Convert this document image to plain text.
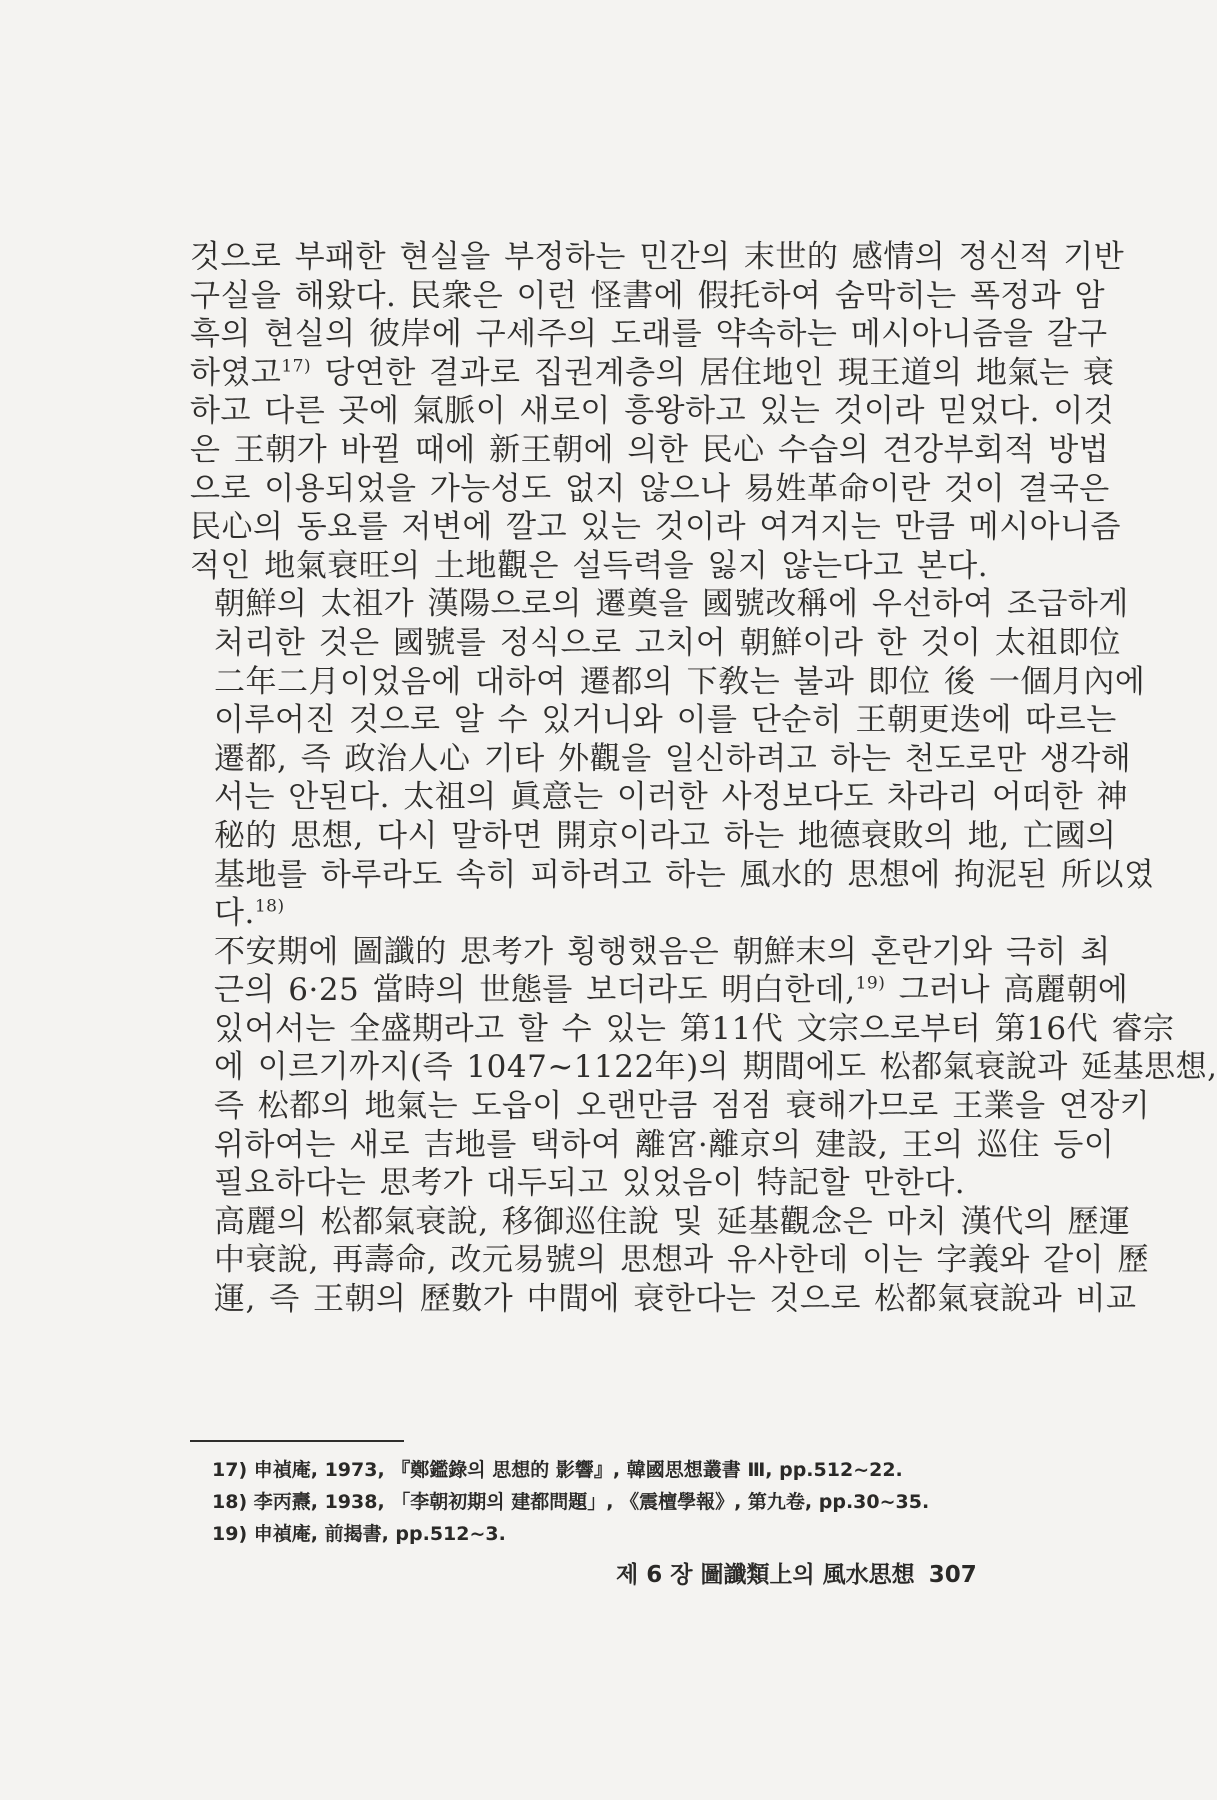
것으로 부패한 현실을 부정하는 민간의 末世的 感情의 정신적 기반
구실을 해왔다. 民衆은 이런 怪書에 假托하여 숨막히는 폭정과 암
흑의 현실의 彼岸에 구세주의 도래를 약속하는 메시아니즘을 갈구
하였고$^{17)}$ 당연한 결과로 집권계층의 居住地인 現王道의 地氣는 衰
하고 다른 곳에 氣脈이 새로이 흥왕하고 있는 것이라 믿었다. 이것
은 王朝가 바뀔 때에 新王朝에 의한 民心 수습의 견강부회적 방법
으로 이용되었을 가능성도 없지 않으나 易姓革命이란 것이 결국은
民心의 동요를 저변에 깔고 있는 것이라 여겨지는 만큼 메시아니즘
적인 地氣衰旺의 土地觀은 설득력을 잃지 않는다고 본다.
朝鮮의 太祖가 漢陽으로의 遷奠을 國號改稱에 우선하여 조급하게
처리한 것은 國號를 정식으로 고치어 朝鮮이라 한 것이 太祖即位
二年二月이었음에 대하여 遷都의 下敎는 불과 即位 後 一個月內에
이루어진 것으로 알 수 있거니와 이를 단순히 王朝更迭에 따르는
遷都, 즉 政治人心 기타 外觀을 일신하려고 하는 천도로만 생각해
서는 안된다. 太祖의 眞意는 이러한 사정보다도 차라리 어떠한 神
秘的 思想, 다시 말하면 開京이라고 하는 地德衰敗의 地, 亡國의
基地를 하루라도 속히 피하려고 하는 風水的 思想에 拘泥된 所以였
다.$^{18)}$
不安期에 圖讖的 思考가 횡행했음은 朝鮮末의 혼란기와 극히 최
근의 6·25 當時의 世態를 보더라도 明白한데,$^{19)}$ 그러나 高麗朝에
있어서는 全盛期라고 할 수 있는 第11代 文宗으로부터 第16代 睿宗
에 이르기까지(즉 1047~1122年)의 期間에도 松都氣衰說과 延基思想,
즉 松都의 地氣는 도읍이 오랜만큼 점점 衰해가므로 王業을 연장키
위하여는 새로 吉地를 택하여 離宮·離京의 建設, 王의 巡住 등이
필요하다는 思考가 대두되고 있었음이 特記할 만한다.
高麗의 松都氣衰說, 移御巡住說 및 延基觀念은 마치 漢代의 歷運
中衰說, 再壽命, 改元易號의 思想과 유사한데 이는 字義와 같이 歷
運, 즉 王朝의 歷數가 中間에 衰한다는 것으로 松都氣衰說과 비교
17) 申禎庵, 1973, 『鄭鑑錄의 思想的 影響』, 韓國思想叢書 Ⅲ, pp.512~22.
18) 李丙燾, 1938, 「李朝初期의 建都問題」, 《震檀學報》, 第九卷, pp.30~35.
19) 申禎庵, 前揭書, pp.512~3.
제 6 장 圖讖類上의 風水思想 307
